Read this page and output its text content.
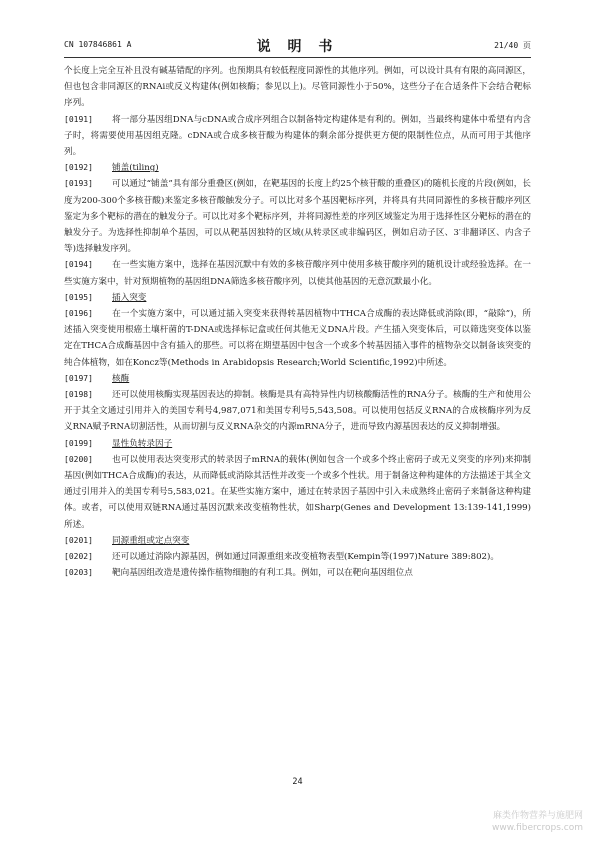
CN 107846861 A	说 明 书	21/40 页

个长度上完全互补且没有碱基错配的序列。也预期具有较低程度同源性的其他序列。例如，可以设计具有有限的高同源区，但也包含非同源区的RNAi或反义构建体(例如核酶；参见以上)。尽管同源性小于50%，这些分子在合适条件下会结合靶标序列。

[0191] 将一部分基因组DNA与cDNA或合成序列组合以制备特定构建体是有利的。例如，当最终构建体中希望有内含子时，将需要使用基因组克隆。cDNA或合成多核苷酸为构建体的剩余部分提供更方便的限制性位点，从而可用于其他序列。

[0192] 铺盖(tiling)

[0193] 可以通过“铺盖”具有部分重叠区(例如，在靶基因的长度上约25个核苷酸的重叠区)的随机长度的片段(例如，长度为200-300个多核苷酸)来鉴定多核苷酸触发分子。可以比对多个基因靶标序列，并将具有共同同源性的多核苷酸序列区鉴定为多个靶标的潜在的触发分子。可以比对多个靶标序列，并将同源性差的序列区域鉴定为用于选择性区分靶标的潜在的触发分子。为选择性抑制单个基因，可以从靶基因独特的区域(从转录区或非编码区，例如启动子区、3′非翻译区、内含子等)选择触发序列。

[0194] 在一些实施方案中，选择在基因沉默中有效的多核苷酸序列中使用多核苷酸序列的随机设计或经验选择。在一些实施方案中，针对预期植物的基因组DNA筛选多核苷酸序列，以使其他基因的无意沉默最小化。

[0195] 插入突变

[0196] 在一个实施方案中，可以通过插入突变来获得转基因植物中THCA合成酶的表达降低或消除(即，“敲除”)，所述插入突变使用根癌土壤杆菌的T-DNA或选择标记盒或任何其他无义DNA片段。产生插入突变体后，可以筛选突变体以鉴定在THCA合成酶基因中含有插入的那些。可以将在期望基因中包含一个或多个转基因插入事件的植物杂交以制备该突变的纯合体植物，如在Koncz等(Methods in Arabidopsis Research;World Scientific,1992)中所述。

[0197] 核酶

[0198] 还可以使用核酶实现基因表达的抑制。核酶是具有高特异性内切核酸酶活性的RNA分子。核酶的生产和使用公开于其全文通过引用并入的美国专利号4,987,071和美国专利号5,543,508。可以使用包括反义RNA的合成核酶序列为反义RNA赋予RNA切割活性，从而切割与反义RNA杂交的内源mRNA分子，进而导致内源基因表达的反义抑制增强。

[0199] 显性负转录因子

[0200] 也可以使用表达突变形式的转录因子mRNA的载体(例如包含一个或多个终止密码子或无义突变的序列)来抑制基因(例如THCA合成酶)的表达，从而降低或消除其活性并改变一个或多个性状。用于制备这种构建体的方法描述于其全文通过引用并入的美国专利号5,583,021。在某些实施方案中，通过在转录因子基因中引入未成熟终止密码子来制备这种构建体。或者，可以使用双链RNA通过基因沉默来改变植物性状，如Sharp(Genes and Development 13:139-141,1999)所述。

[0201] 同源重组或定点突变

[0202] 还可以通过消除内源基因，例如通过同源重组来改变植物表型(Kempin等(1997)Nature 389:802)。

[0203] 靶向基因组改造是遗传操作植物细胞的有利工具。例如，可以在靶向基因组位点

24
麻类作物营养与施肥网
www.fibercrops.com
